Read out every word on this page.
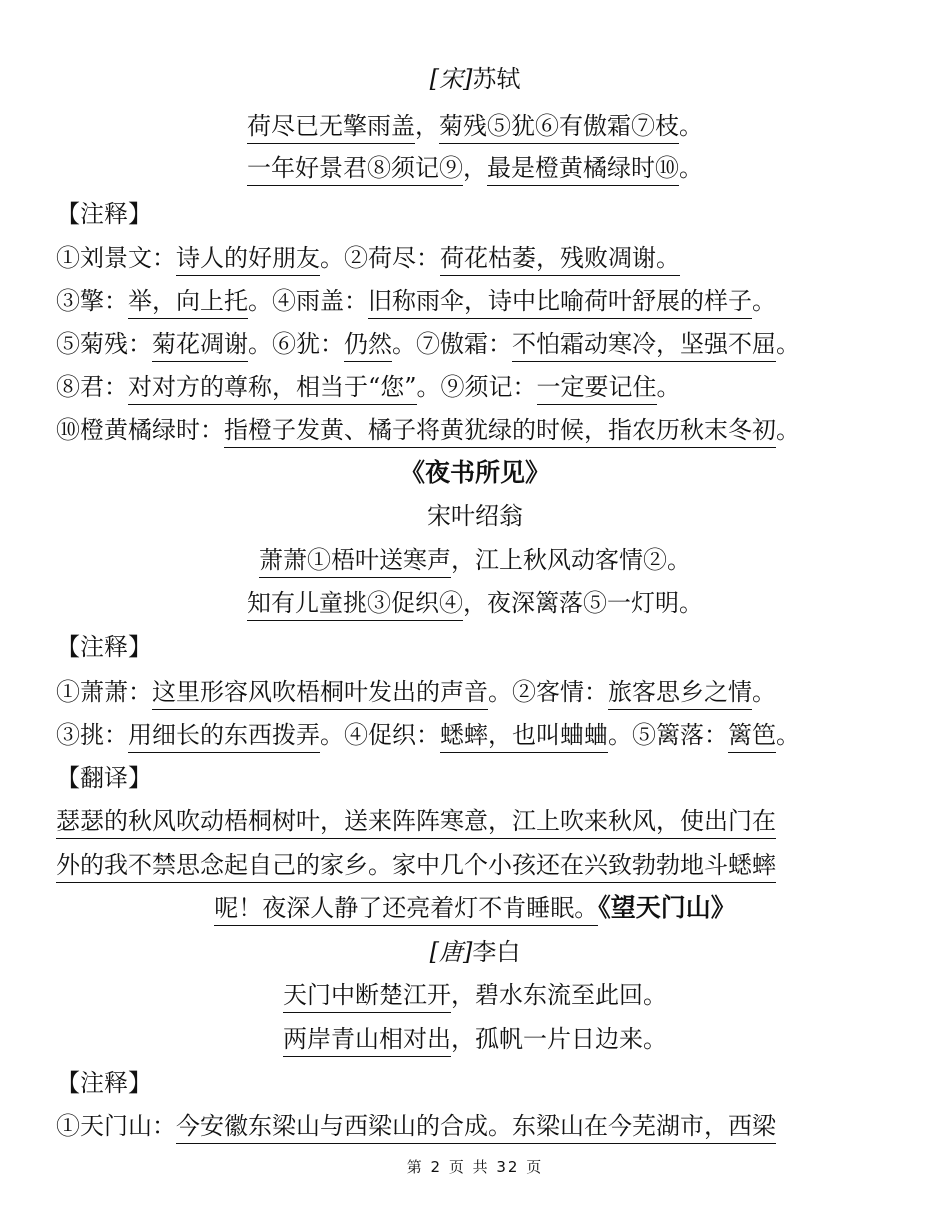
[宋]苏轼
荷尽已无擎雨盖，菊残⑤犹⑥有傲霜⑦枝。
一年好景君⑧须记⑨，最是橙黄橘绿时⑩。
【注释】
①刘景文：诗人的好朋友。②荷尽：荷花枯萎，残败凋谢。
③擎：举，向上托。④雨盖：旧称雨伞，诗中比喻荷叶舒展的样子。
⑤菊残：菊花凋谢。⑥犹：仍然。⑦傲霜：不怕霜动寒冷，坚强不屈。
⑧君：对对方的尊称，相当于“您”。⑨须记：一定要记住。
⑩橙黄橘绿时：指橙子发黄、橘子将黄犹绿的时候，指农历秋末冬初。
《夜书所见》
宋叶绍翁
萧萧①梧叶送寒声，江上秋风动客情②。
知有儿童挑③促织④，夜深篱落⑤一灯明。
【注释】
①萧萧：这里形容风吹梧桐叶发出的声音。②客情：旅客思乡之情。
③挑：用细长的东西拨弄。④促织：蟋蟀，也叫蛐蛐。⑤篱落：篱笆。
【翻译】
瑟瑟的秋风吹动梧桐树叶，送来阵阵寒意，江上吹来秋风，使出门在
外的我不禁思念起自己的家乡。家中几个小孩还在兴致勃勃地斗蟋蟀
呢！夜深人静了还亮着灯不肯睡眠。《望天门山》
[唐]李白
天门中断楚江开，碧水东流至此回。
两岸青山相对出，孤帆一片日边来。
【注释】
①天门山：今安徽东梁山与西梁山的合成。东梁山在今芜湖市，西梁
第 2 页 共 32 页
